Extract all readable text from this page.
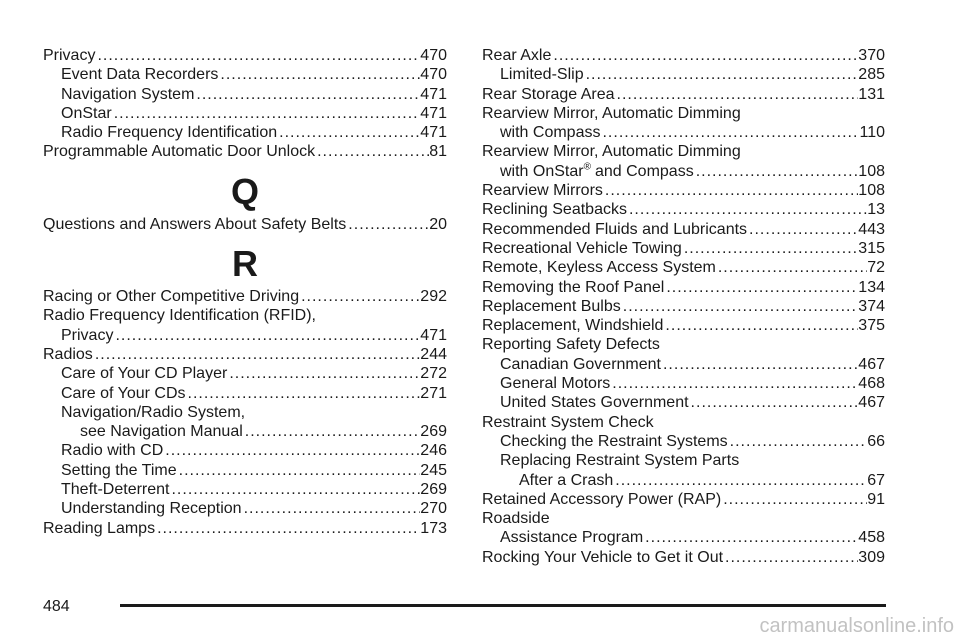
Privacy .....	470
Event Data Recorders .....	470
Navigation System .....	471
OnStar .....	471
Radio Frequency Identification .....	471
Programmable Automatic Door Unlock .....	81
Q
Questions and Answers About Safety Belts .....	20
R
Racing or Other Competitive Driving .....	292
Radio Frequency Identification (RFID),
Privacy .....	471
Radios .....	244
Care of Your CD Player .....	272
Care of Your CDs .....	271
Navigation/Radio System,
see Navigation Manual .....	269
Radio with CD .....	246
Setting the Time .....	245
Theft-Deterrent .....	269
Understanding Reception .....	270
Reading Lamps .....	173
Rear Axle .....	370
Limited-Slip .....	285
Rear Storage Area .....	131
Rearview Mirror, Automatic Dimming
with Compass .....	110
Rearview Mirror, Automatic Dimming
with OnStar® and Compass .....	108
Rearview Mirrors .....	108
Reclining Seatbacks .....	13
Recommended Fluids and Lubricants .....	443
Recreational Vehicle Towing .....	315
Remote, Keyless Access System .....	72
Removing the Roof Panel .....	134
Replacement Bulbs .....	374
Replacement, Windshield .....	375
Reporting Safety Defects
Canadian Government .....	467
General Motors .....	468
United States Government .....	467
Restraint System Check
Checking the Restraint Systems .....	66
Replacing Restraint System Parts
After a Crash .....	67
Retained Accessory Power (RAP) .....	91
Roadside
Assistance Program .....	458
Rocking Your Vehicle to Get it Out .....	309
484
carmanualsonline.info
